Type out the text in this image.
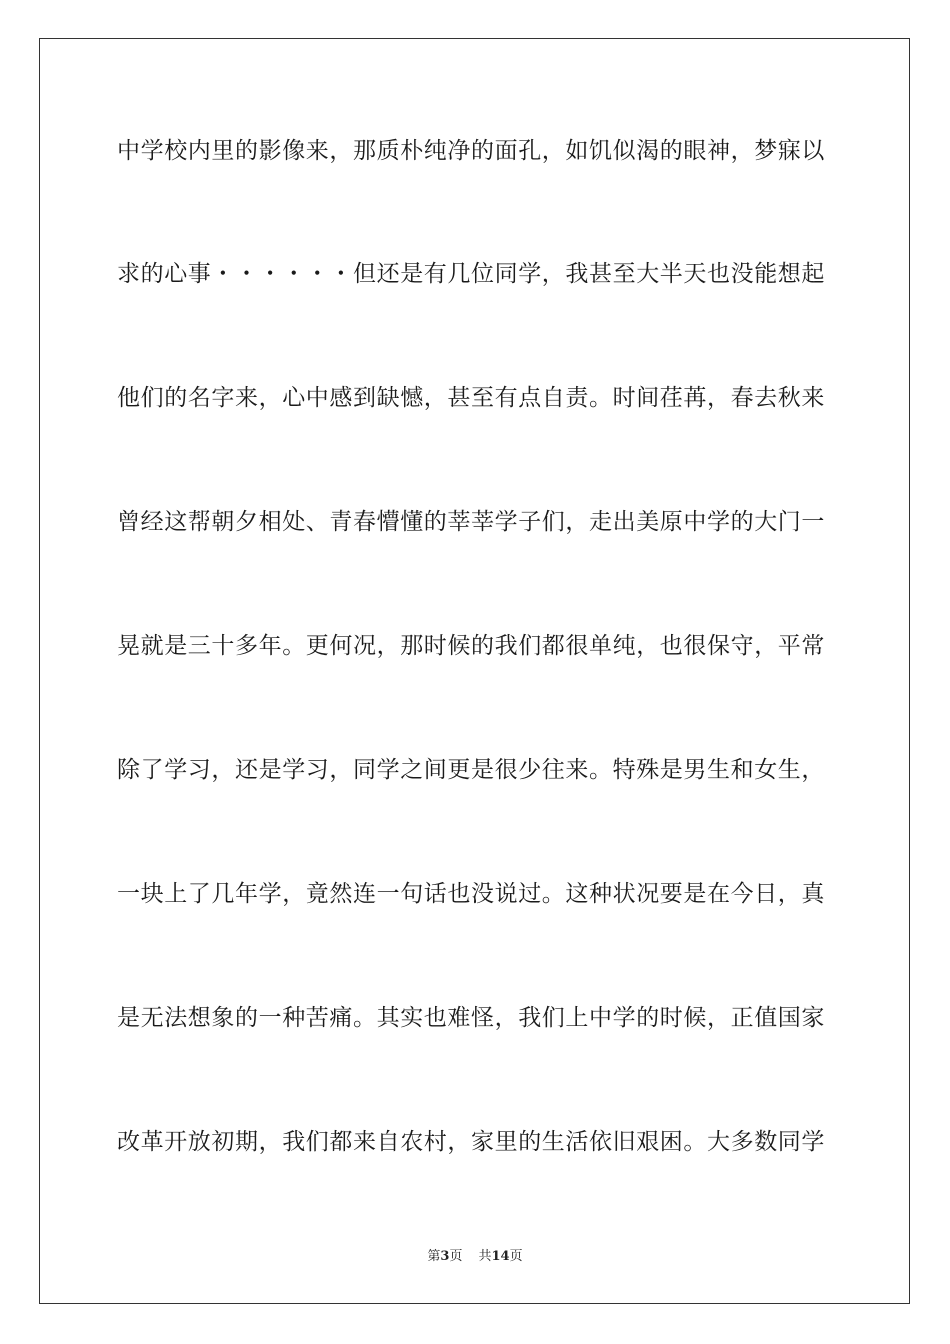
中学校内里的影像来，那质朴纯净的面孔，如饥似渴的眼神，梦寐以
求的心事・・・・・・但还是有几位同学，我甚至大半天也没能想起
他们的名字来，心中感到缺憾，甚至有点自责。时间荏苒，春去秋来
曾经这帮朝夕相处、青春懵懂的莘莘学子们，走出美原中学的大门一
晃就是三十多年。更何况，那时候的我们都很单纯，也很保守，平常
除了学习，还是学习，同学之间更是很少往来。特殊是男生和女生，
一块上了几年学，竟然连一句话也没说过。这种状况要是在今日，真
是无法想象的一种苦痛。其实也难怪，我们上中学的时候，正值国家
改革开放初期，我们都来自农村，家里的生活依旧艰困。大多数同学
第3页 共14页
